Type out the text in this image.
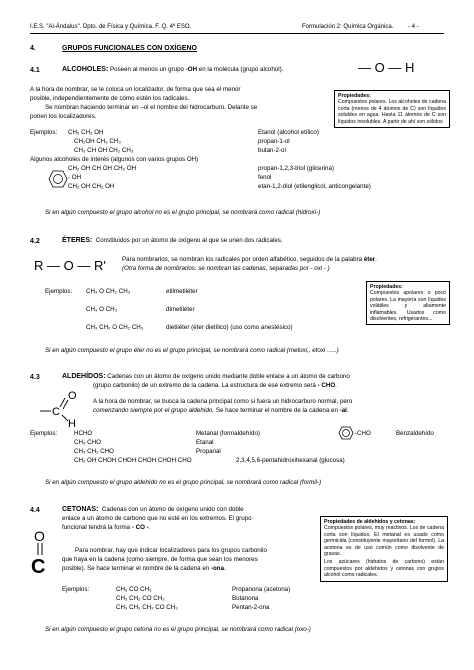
I.E.S. "Al-Ándalus". Dpto. de Física y Química. F. Q. 4º ESO.	Formulación 2: Química Orgánica. - 4 -
4.	GRUPOS FUNCIONALES CON OXÍGENO
4.1	ALCOHOLES: Poseen al menos un grupo -OH en la molécula (grupo alcohol).	— O — H
A la hora de nombrar, se le coloca un localizador, de forma que sea el menor
posible, independientemente de cómo estén los radicales.
Se nombran haciendo terminar en –ol el nombre del hidrocarburo. Delante se
ponen los localizadores.
Propiedades:
Compuestos polares. Los alcoholes de cadena corta (menos de 4 átomos de C) son líquidos solubles en agua. Hasta 11 átomos de C son líquidos insolubles. A partir de ahí son sólidos
Ejemplos: CH₃ CH₂ OH	Etanol (alcohol etílico)
CH₂OH CH₂ CH₃	propan-1-ol
CH₃ CH OH CH₂ CH₃	butan-2-ol
Algunos alcoholes de interés (algunos con varios grupos OH)
CH₂ OH CH OH CH₂ OH	propan-1,2,3-triol (glicerina)
- OH	fenol
CH₂ OH CH₂ OH	etan-1,2-diol (etilenglicol, anticongelante)
Si en algún compuesto el grupo alcohol no es el grupo principal, se nombrará como radical (hidroxi-)
4.2	ÉTERES: Constituidos por un átomo de oxígeno al que se unen dos radicales.
R — O — R'	Para nombrarlos, se nombran los radicales por orden alfabético, seguidos de la palabra éter.
(Otra forma de nombrarlos: se nombran las cadenas, separadas por - oxi - )
Propiedades:
Compuestos apolares o poco polares. La mayoría son líquidos volátiles y altamente inflamables. Usados como disolventes, refrigerantes...
Ejemplos: CH₃ O CH₂ CH₃	etilmetiléter
CH₃ O CH₃	dimetiléter
CH₃ CH₂ O CH₂ CH₃	dietiléter (éter dietílico) (uso como anestésico)
Si en algún compuesto el grupo éter no es el grupo principal, se nombrará como radical (metoxi,, etoxi …..)
4.3	ALDEHÍDOS: Cadenas con un átomo de oxígeno unido mediante doble enlace a un átomo de carbono
(grupo carbonilo) de un extremo de la cadena. La estructura de ese extremo será - CHO.
O
C
H
A la hora de nombrar, se busca la cadena principal como si fuera un hidrocarburo normal, pero
comenzando siempre por el grupo aldehído. Se hace terminar el nombre de la cadena en -al.
Ejemplos:	HCHO	Metanal (formaldehído)	-CHO	Benzaldehído
CH₃ CHO	Etanal
CH₃ CH₂ CHO	Propanal
CH₂ OH CHOH CHOH CHOH CHOH CHO	2,3,4,5,6-pentahidroxihexanal (glucosa)
Si en algún compuesto el grupo aldehído no es el grupo principal, se nombrará como radical (formil-)
4.4	CETONAS: Cadenas con un átomo de oxígeno unido con doble
enlace a un átomo de carbono que no esté en los extremos. El grupo
funcional tendrá la forma - CO -.
O
C
Para nombrar, hay que indicar localizadores para los grupos carbonilo
que haya en la cadena (como siempre, de forma que sean los menores
posible). Se hace terminar el nombre de la cadena en -ona.
Propiedades de aldehídos y cetonas:
Compuestos polares, muy reactivos. Los de cadena corta son líquidos. El metanal es usado como germicida (constituyente mayoritario del formol). La acetona es de uso común como disolvente de grasas.
Los azúcares (hidratos de carbono) están compuestos por aldehídos y cetonas con grupos alcohol como radicales.
Ejemplos:	CH₃ CO CH₃	Propanona (acetona)
CH₃ CH₂ CO CH₃	Butanona
CH₃ CH₂ CH₂ CO CH₃	Pentan-2-ona
Si en algún compuesto el grupo cetona no es el grupo principal, se nombrará como radical (oxo-)
